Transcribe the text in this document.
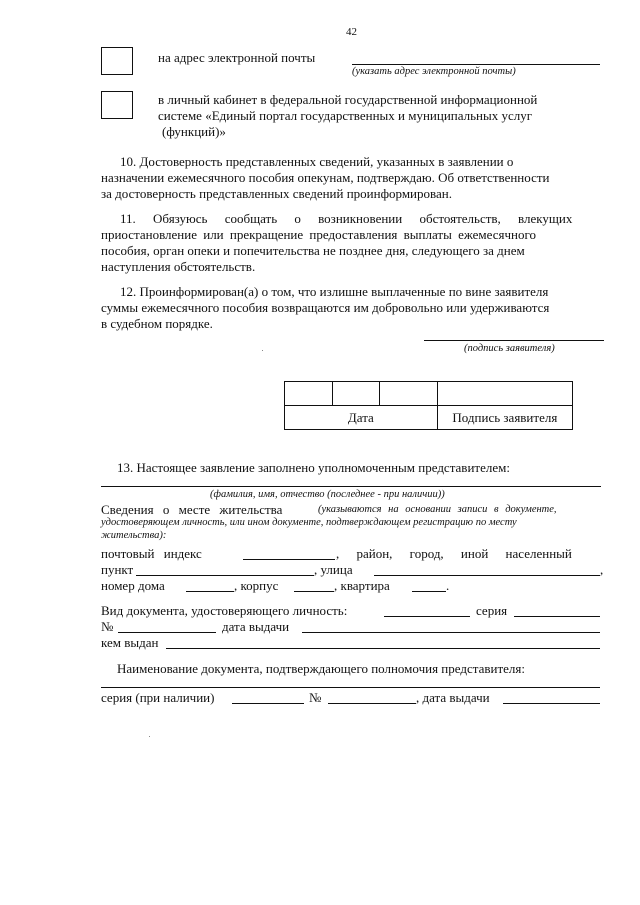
42
на адрес электронной почты
(указать адрес электронной почты)
в личный кабинет в федеральной государственной информационной
системе «Единый портал государственных и муниципальных услуг
(функций)»
10. Достоверность представленных сведений, указанных в заявлении о
назначении ежемесячного пособия опекунам, подтверждаю. Об ответственности
за достоверность представленных сведений проинформирован.
11. Обязуюсь сообщать о возникновении обстоятельств, влекущих
приостановление или прекращение предоставления выплаты ежемесячного
пособия, орган опеки и попечительства не позднее дня, следующего за днем
наступления обстоятельств.
12. Проинформирован(а) о том, что излишне выплаченные по вине заявителя
суммы ежемесячного пособия возвращаются им добровольно или удерживаются
в судебном порядке.
(подпись заявителя)

Дата			Подпись заявителя
13. Настоящее заявление заполнено уполномоченным представителем:
(фамилия, имя, отчество (последнее - при наличии))
Сведения о месте жительства	(указываются на основании записи в документе,
удостоверяющем личность, или ином документе, подтверждающем регистрацию по месту
жительства):
почтовый индекс	, район, город, иной населенный
пункт	, улица	,
номер дома	, корпус	, квартира	.
Вид документа, удостоверяющего личность:	серия
№	дата выдачи
кем выдан
Наименование документа, подтверждающего полномочия представителя:
серия (при наличии)	№	, дата выдачи
